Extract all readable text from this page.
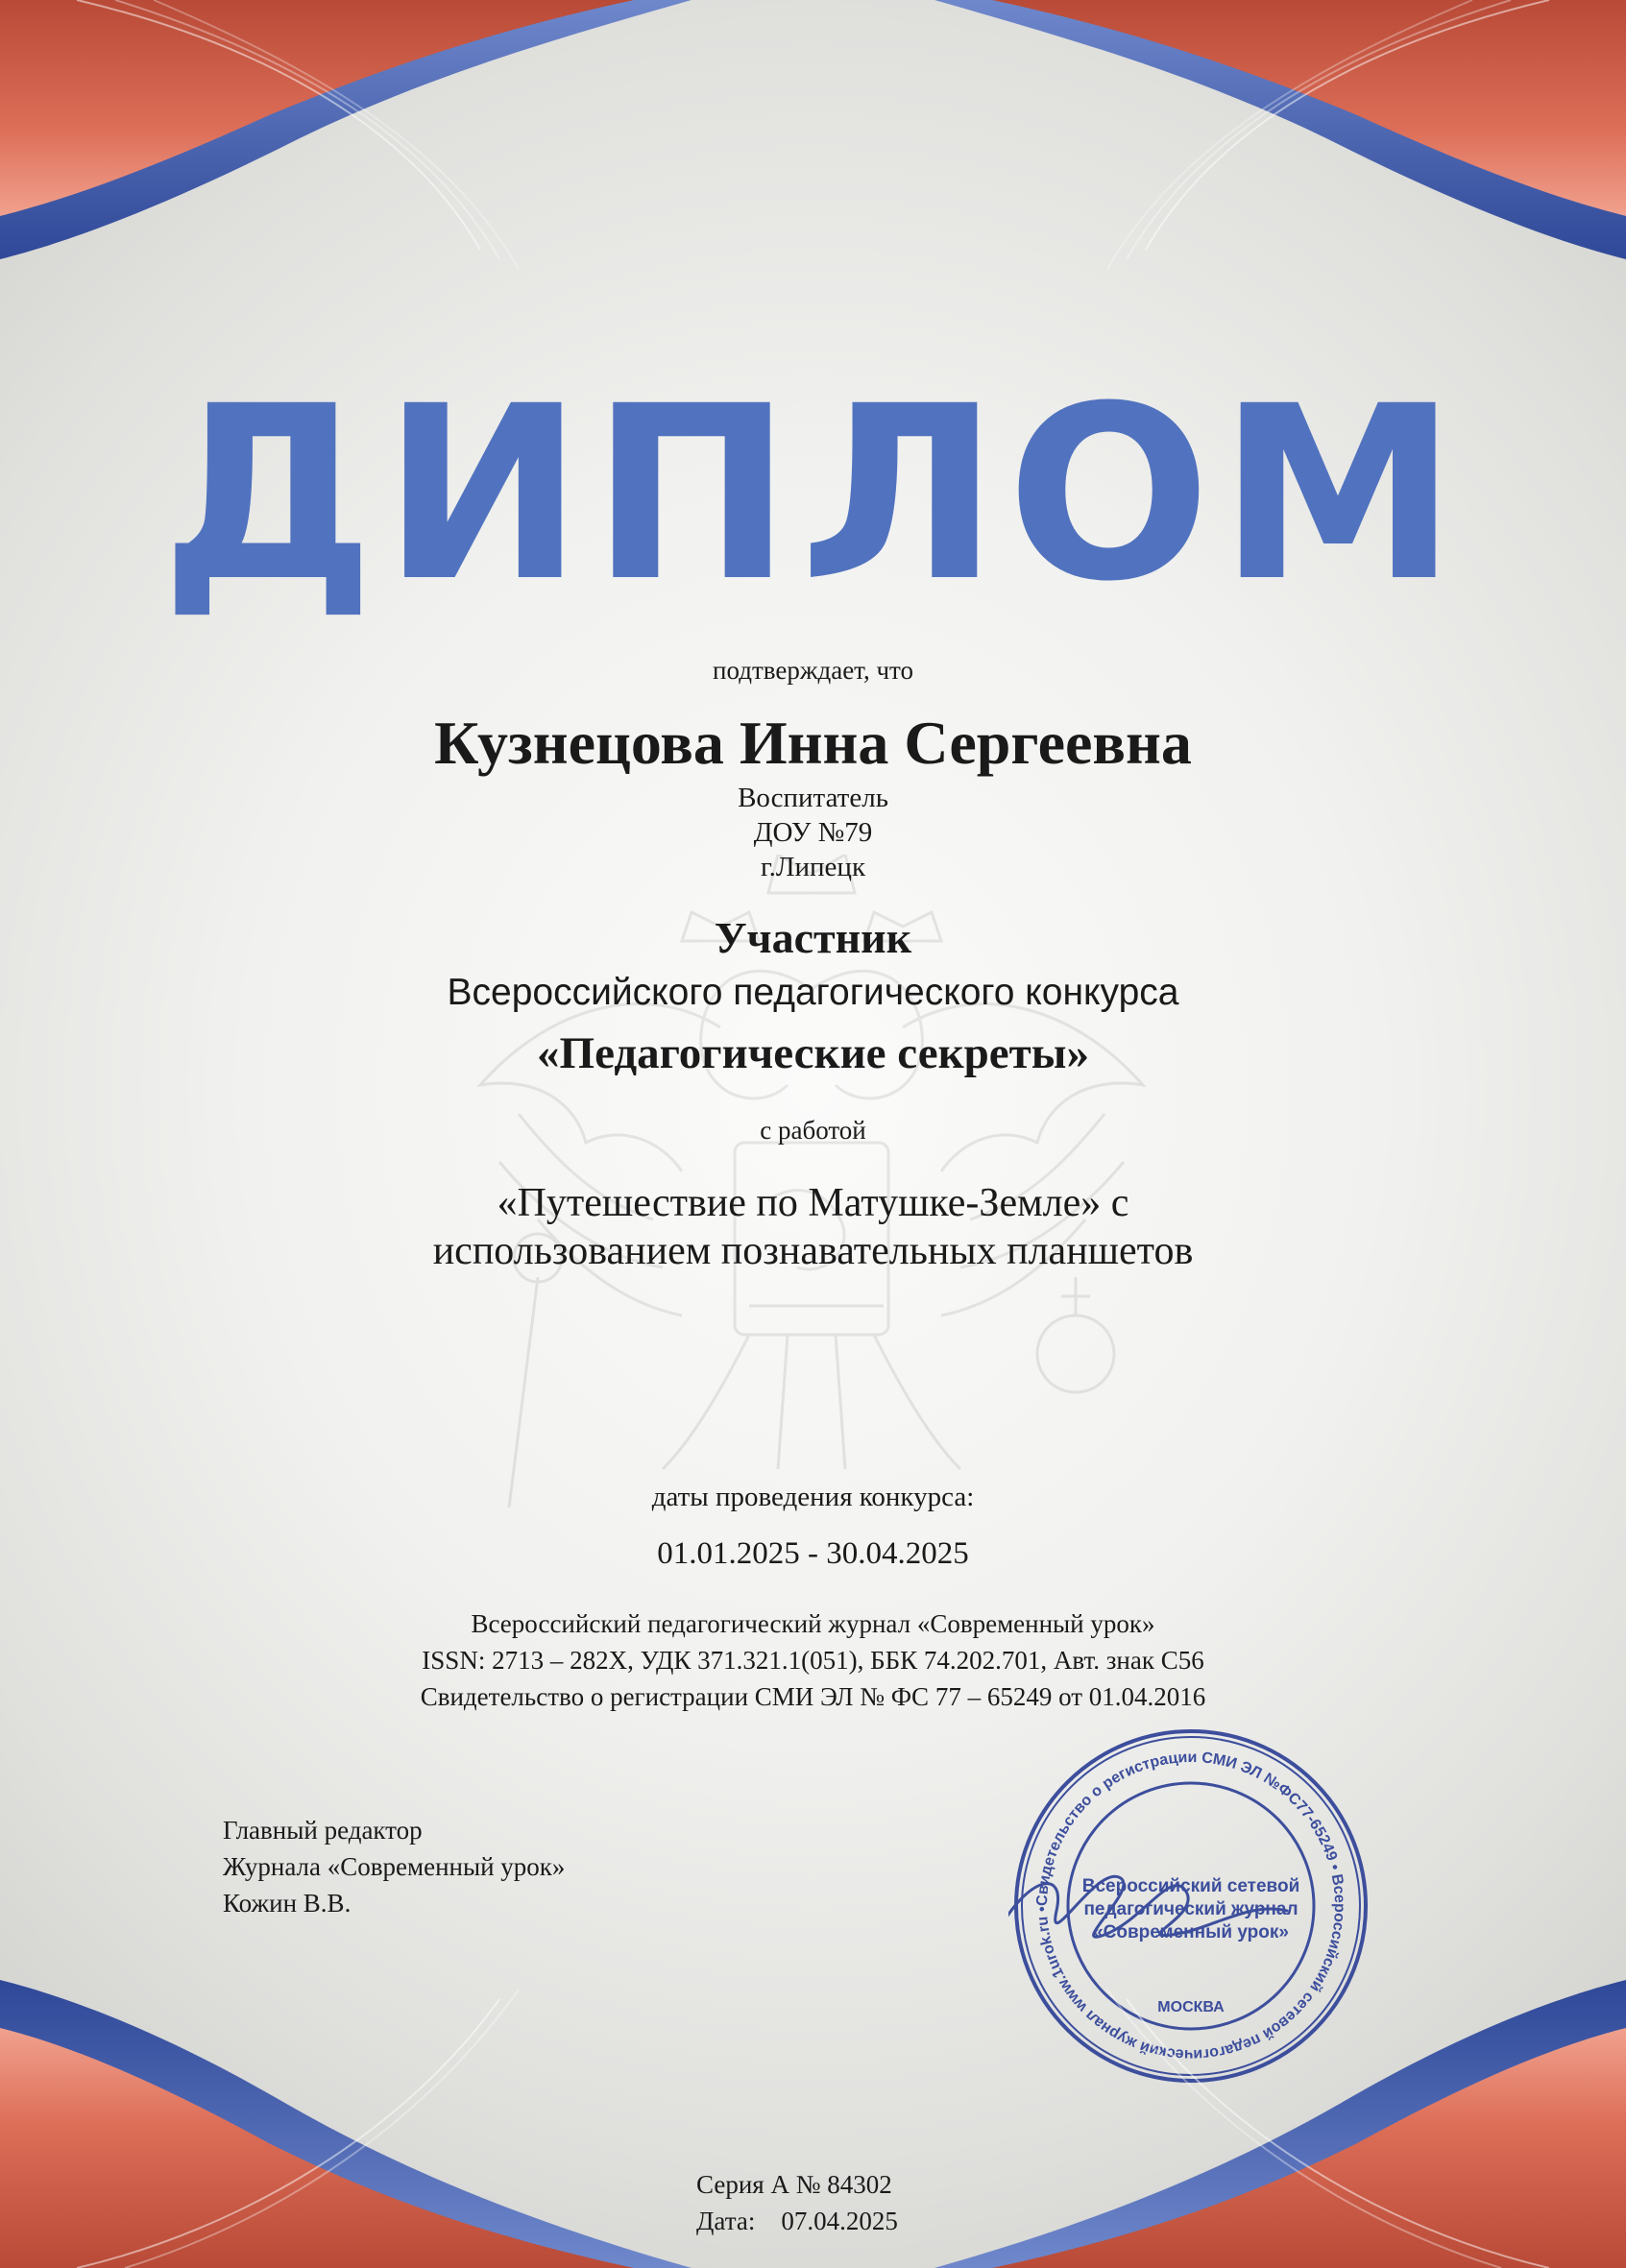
ДИПЛОМ
подтверждает, что
Кузнецова Инна Сергеевна
Воспитатель
ДОУ №79
г.Липецк
Участник
Всероссийского педагогического конкурса
«Педагогические секреты»
с работой
«Путешествие по Матушке-Земле» с
использованием познавательных планшетов
даты проведения конкурса:
01.01.2025 - 30.04.2025
Всероссийский педагогический журнал «Современный урок»
ISSN: 2713 – 282X, УДК 371.321.1(051), ББК 74.202.701, Авт. знак С56
Свидетельство о регистрации СМИ ЭЛ № ФС 77 – 65249 от 01.04.2016
Главный редактор
Журнала «Современный урок»
Кожин В.В.	Свидетельство о регистрации СМИ ЭЛ №ФС77-65249 • Всероссийский сетевой педагогический журнал www.1urok.ru •
Всероссийский сетевой
педагогический журнал
«Современный урок»
МОСКВА
Серия А № 84302
Дата: 07.04.2025
